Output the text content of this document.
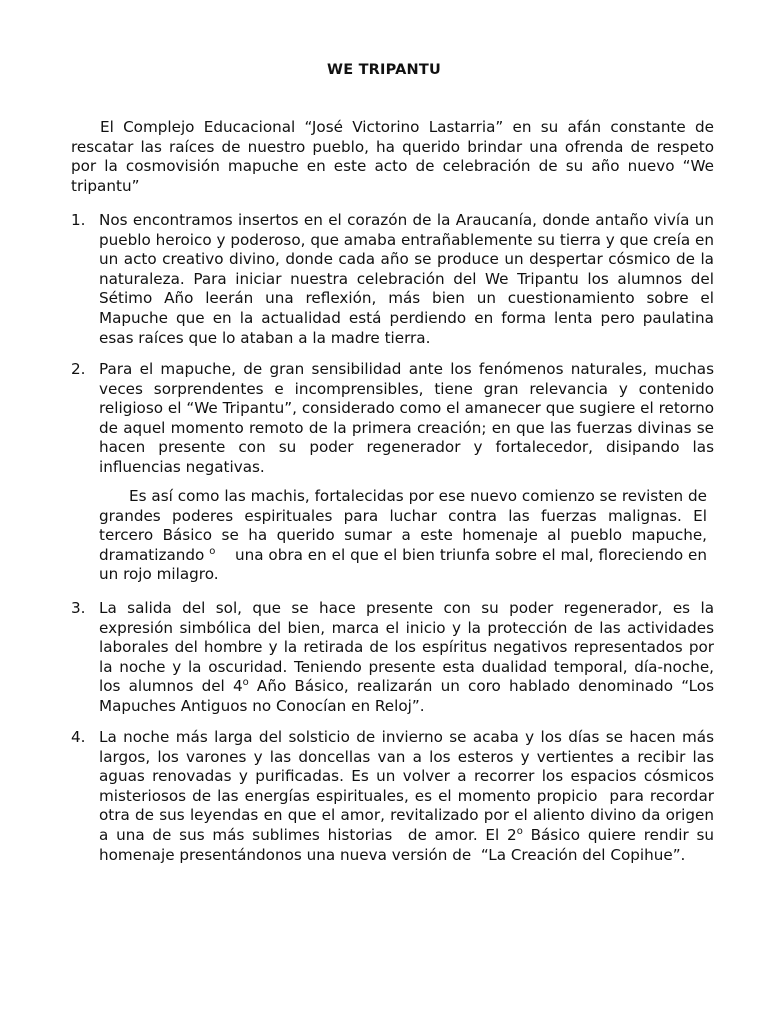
WE TRIPANTU

El Complejo Educacional “José Victorino Lastarria” en su afán constante de rescatar las raíces de nuestro pueblo, ha querido brindar una ofrenda de respeto por la cosmovisión mapuche en este acto de celebración de su año nuevo “We tripantu”

1. Nos encontramos insertos en el corazón de la Araucanía, donde antaño vivía un pueblo heroico y poderoso, que amaba entrañablemente su tierra y que creía en un acto creativo divino, donde cada año se produce un despertar cósmico de la naturaleza. Para iniciar nuestra celebración del We Tripantu los alumnos del Sétimo Año leerán una reflexión, más bien un cuestionamiento sobre el Mapuche que en la actualidad está perdiendo en forma lenta pero paulatina esas raíces que lo ataban a la madre tierra.

2. Para el mapuche, de gran sensibilidad ante los fenómenos naturales, muchas veces sorprendentes e incomprensibles, tiene gran relevancia y contenido religioso el “We Tripantu”, considerado como el amanecer que sugiere el retorno de aquel momento remoto de la primera creación; en que las fuerzas divinas se hacen presente con su poder regenerador y fortalecedor, disipando las influencias negativas.

Es así como las machis, fortalecidas por ese nuevo comienzo se revisten de grandes poderes espirituales para luchar contra las fuerzas malignas. El tercero Básico se ha querido sumar a este homenaje al pueblo mapuche, dramatizando $^o$    una obra en el que el bien triunfa sobre el mal, floreciendo en un rojo milagro.

3. La salida del sol, que se hace presente con su poder regenerador, es la expresión simbólica del bien, marca el inicio y la protección de las actividades laborales del hombre y la retirada de los espíritus negativos representados por la noche y la oscuridad. Teniendo presente esta dualidad temporal, día-noche, los alumnos del 4$^o$ Año Básico, realizarán un coro hablado denominado “Los Mapuches Antiguos no Conocían en Reloj”.

4. La noche más larga del solsticio de invierno se acaba y los días se hacen más largos, los varones y las doncellas van a los esteros y vertientes a recibir las aguas renovadas y purificadas. Es un volver a recorrer los espacios cósmicos misteriosos de las energías espirituales, es el momento propicio  para recordar otra de sus leyendas en que el amor, revitalizado por el aliento divino da origen a una de sus más sublimes historias  de amor. El 2$^o$ Básico quiere rendir su homenaje presentándonos una nueva versión de  “La Creación del Copihue”.
